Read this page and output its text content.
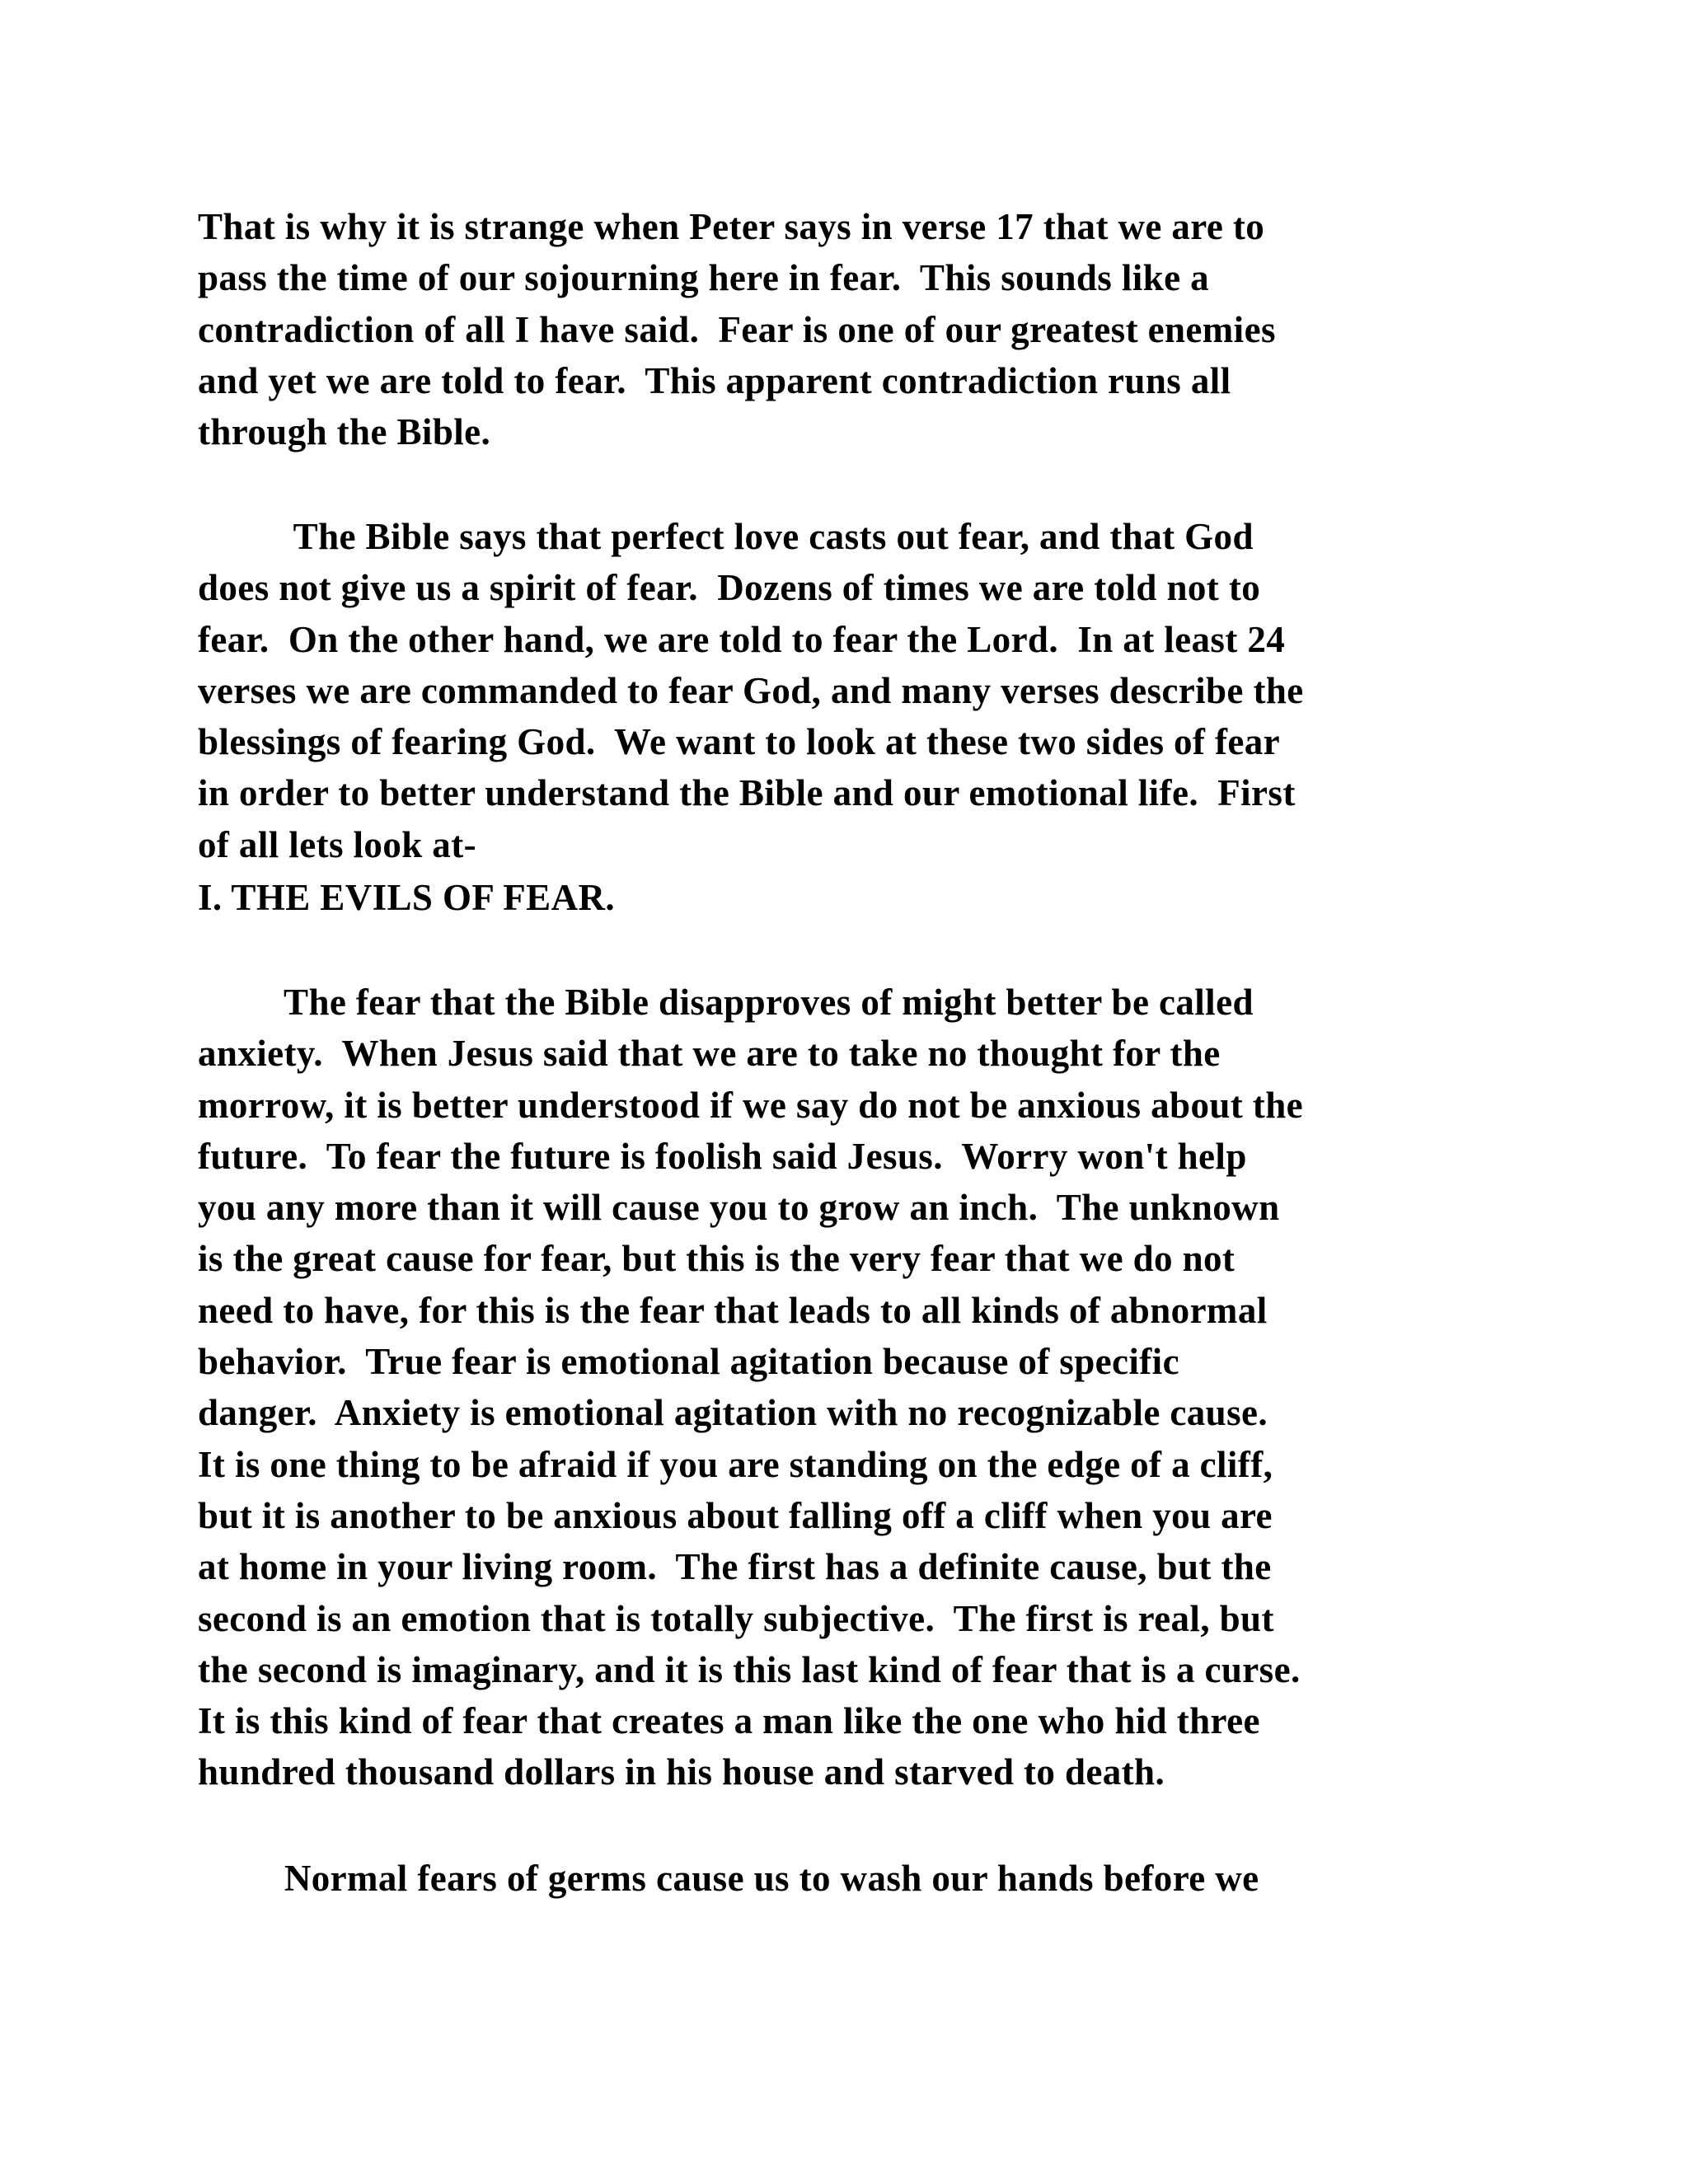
That is why it is strange when Peter says in verse 17 that we are to
pass the time of our sojourning here in fear.  This sounds like a
contradiction of all I have said.  Fear is one of our greatest enemies
and yet we are told to fear.  This apparent contradiction runs all
through the Bible.
The Bible says that perfect love casts out fear, and that God
does not give us a spirit of fear.  Dozens of times we are told not to
fear.  On the other hand, we are told to fear the Lord.  In at least 24
verses we are commanded to fear God, and many verses describe the
blessings of fearing God.  We want to look at these two sides of fear
in order to better understand the Bible and our emotional life.  First
of all lets look at-
I. THE EVILS OF FEAR.
The fear that the Bible disapproves of might better be called
anxiety.  When Jesus said that we are to take no thought for the
morrow, it is better understood if we say do not be anxious about the
future.  To fear the future is foolish said Jesus.  Worry won't help
you any more than it will cause you to grow an inch.  The unknown
is the great cause for fear, but this is the very fear that we do not
need to have, for this is the fear that leads to all kinds of abnormal
behavior.  True fear is emotional agitation because of specific
danger.  Anxiety is emotional agitation with no recognizable cause.
It is one thing to be afraid if you are standing on the edge of a cliff,
but it is another to be anxious about falling off a cliff when you are
at home in your living room.  The first has a definite cause, but the
second is an emotion that is totally subjective.  The first is real, but
the second is imaginary, and it is this last kind of fear that is a curse.
It is this kind of fear that creates a man like the one who hid three
hundred thousand dollars in his house and starved to death.
Normal fears of germs cause us to wash our hands before we
